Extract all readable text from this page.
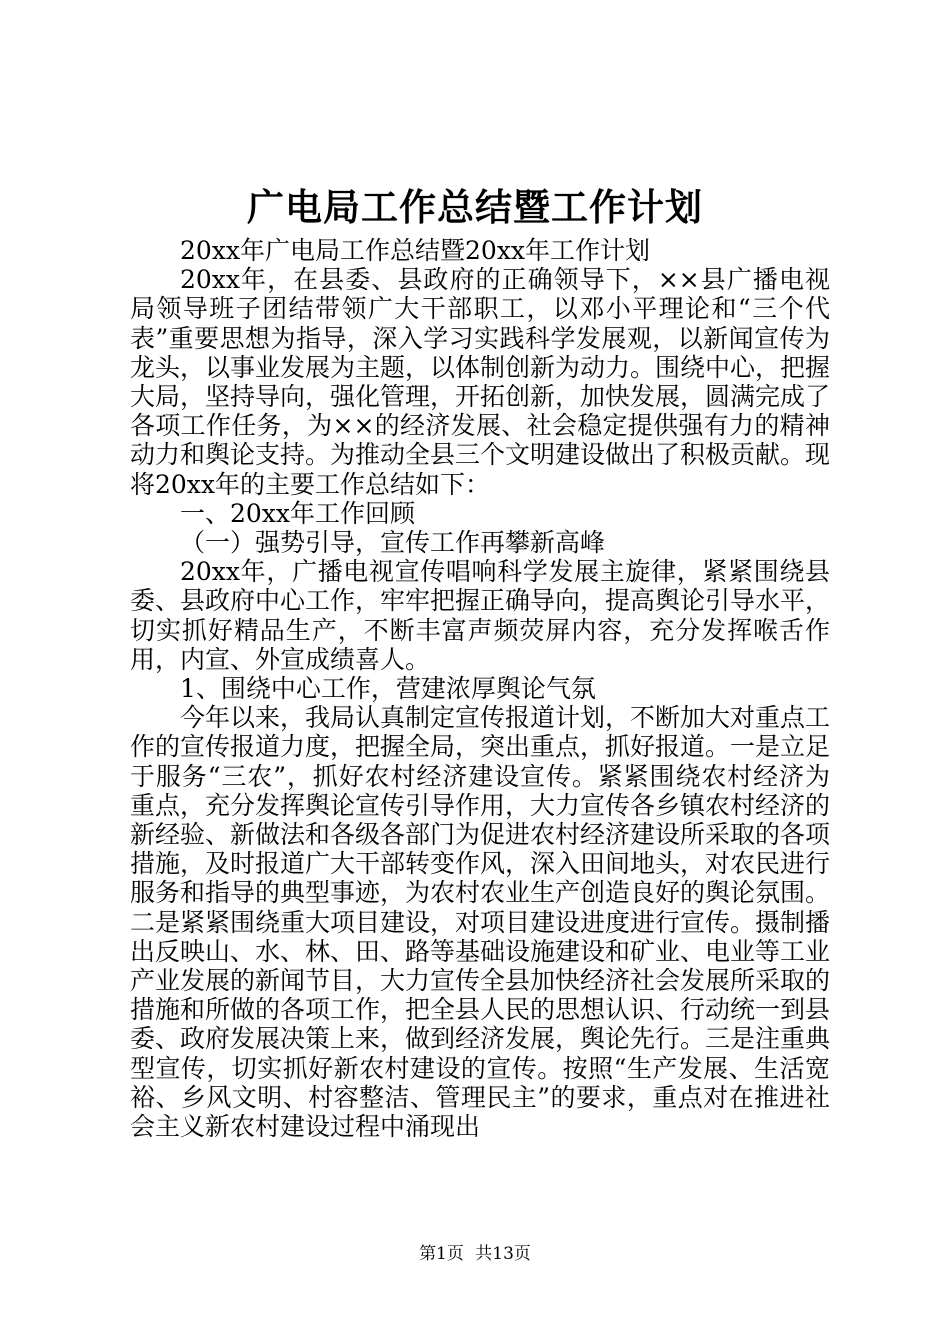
广电局工作总结暨工作计划

20xx年广电局工作总结暨20xx年工作计划

20xx年，在县委、县政府的正确领导下，××县广播电视局领导班子团结带领广大干部职工，以邓小平理论和“三个代表”重要思想为指导，深入学习实践科学发展观，以新闻宣传为龙头，以事业发展为主题，以体制创新为动力。围绕中心，把握大局，坚持导向，强化管理，开拓创新，加快发展，圆满完成了各项工作任务，为××的经济发展、社会稳定提供强有力的精神动力和舆论支持。为推动全县三个文明建设做出了积极贡献。现将20xx年的主要工作总结如下：

一、20xx年工作回顾

（一）强势引导，宣传工作再攀新高峰

20xx年，广播电视宣传唱响科学发展主旋律，紧紧围绕县委、县政府中心工作，牢牢把握正确导向，提高舆论引导水平，切实抓好精品生产，不断丰富声频荧屏内容，充分发挥喉舌作用，内宣、外宣成绩喜人。

1、围绕中心工作，营建浓厚舆论气氛

今年以来，我局认真制定宣传报道计划，不断加大对重点工作的宣传报道力度，把握全局，突出重点，抓好报道。一是立足于服务“三农”，抓好农村经济建设宣传。紧紧围绕农村经济为重点，充分发挥舆论宣传引导作用，大力宣传各乡镇农村经济的新经验、新做法和各级各部门为促进农村经济建设所采取的各项措施，及时报道广大干部转变作风，深入田间地头，对农民进行服务和指导的典型事迹，为农村农业生产创造良好的舆论氛围。二是紧紧围绕重大项目建设，对项目建设进度进行宣传。摄制播出反映山、水、林、田、路等基础设施建设和矿业、电业等工业产业发展的新闻节目，大力宣传全县加快经济社会发展所采取的措施和所做的各项工作，把全县人民的思想认识、行动统一到县委、政府发展决策上来，做到经济发展，舆论先行。三是注重典型宣传，切实抓好新农村建设的宣传。按照“生产发展、生活宽裕、乡风文明、村容整洁、管理民主”的要求，重点对在推进社会主义新农村建设过程中涌现出

第1页 共13页
